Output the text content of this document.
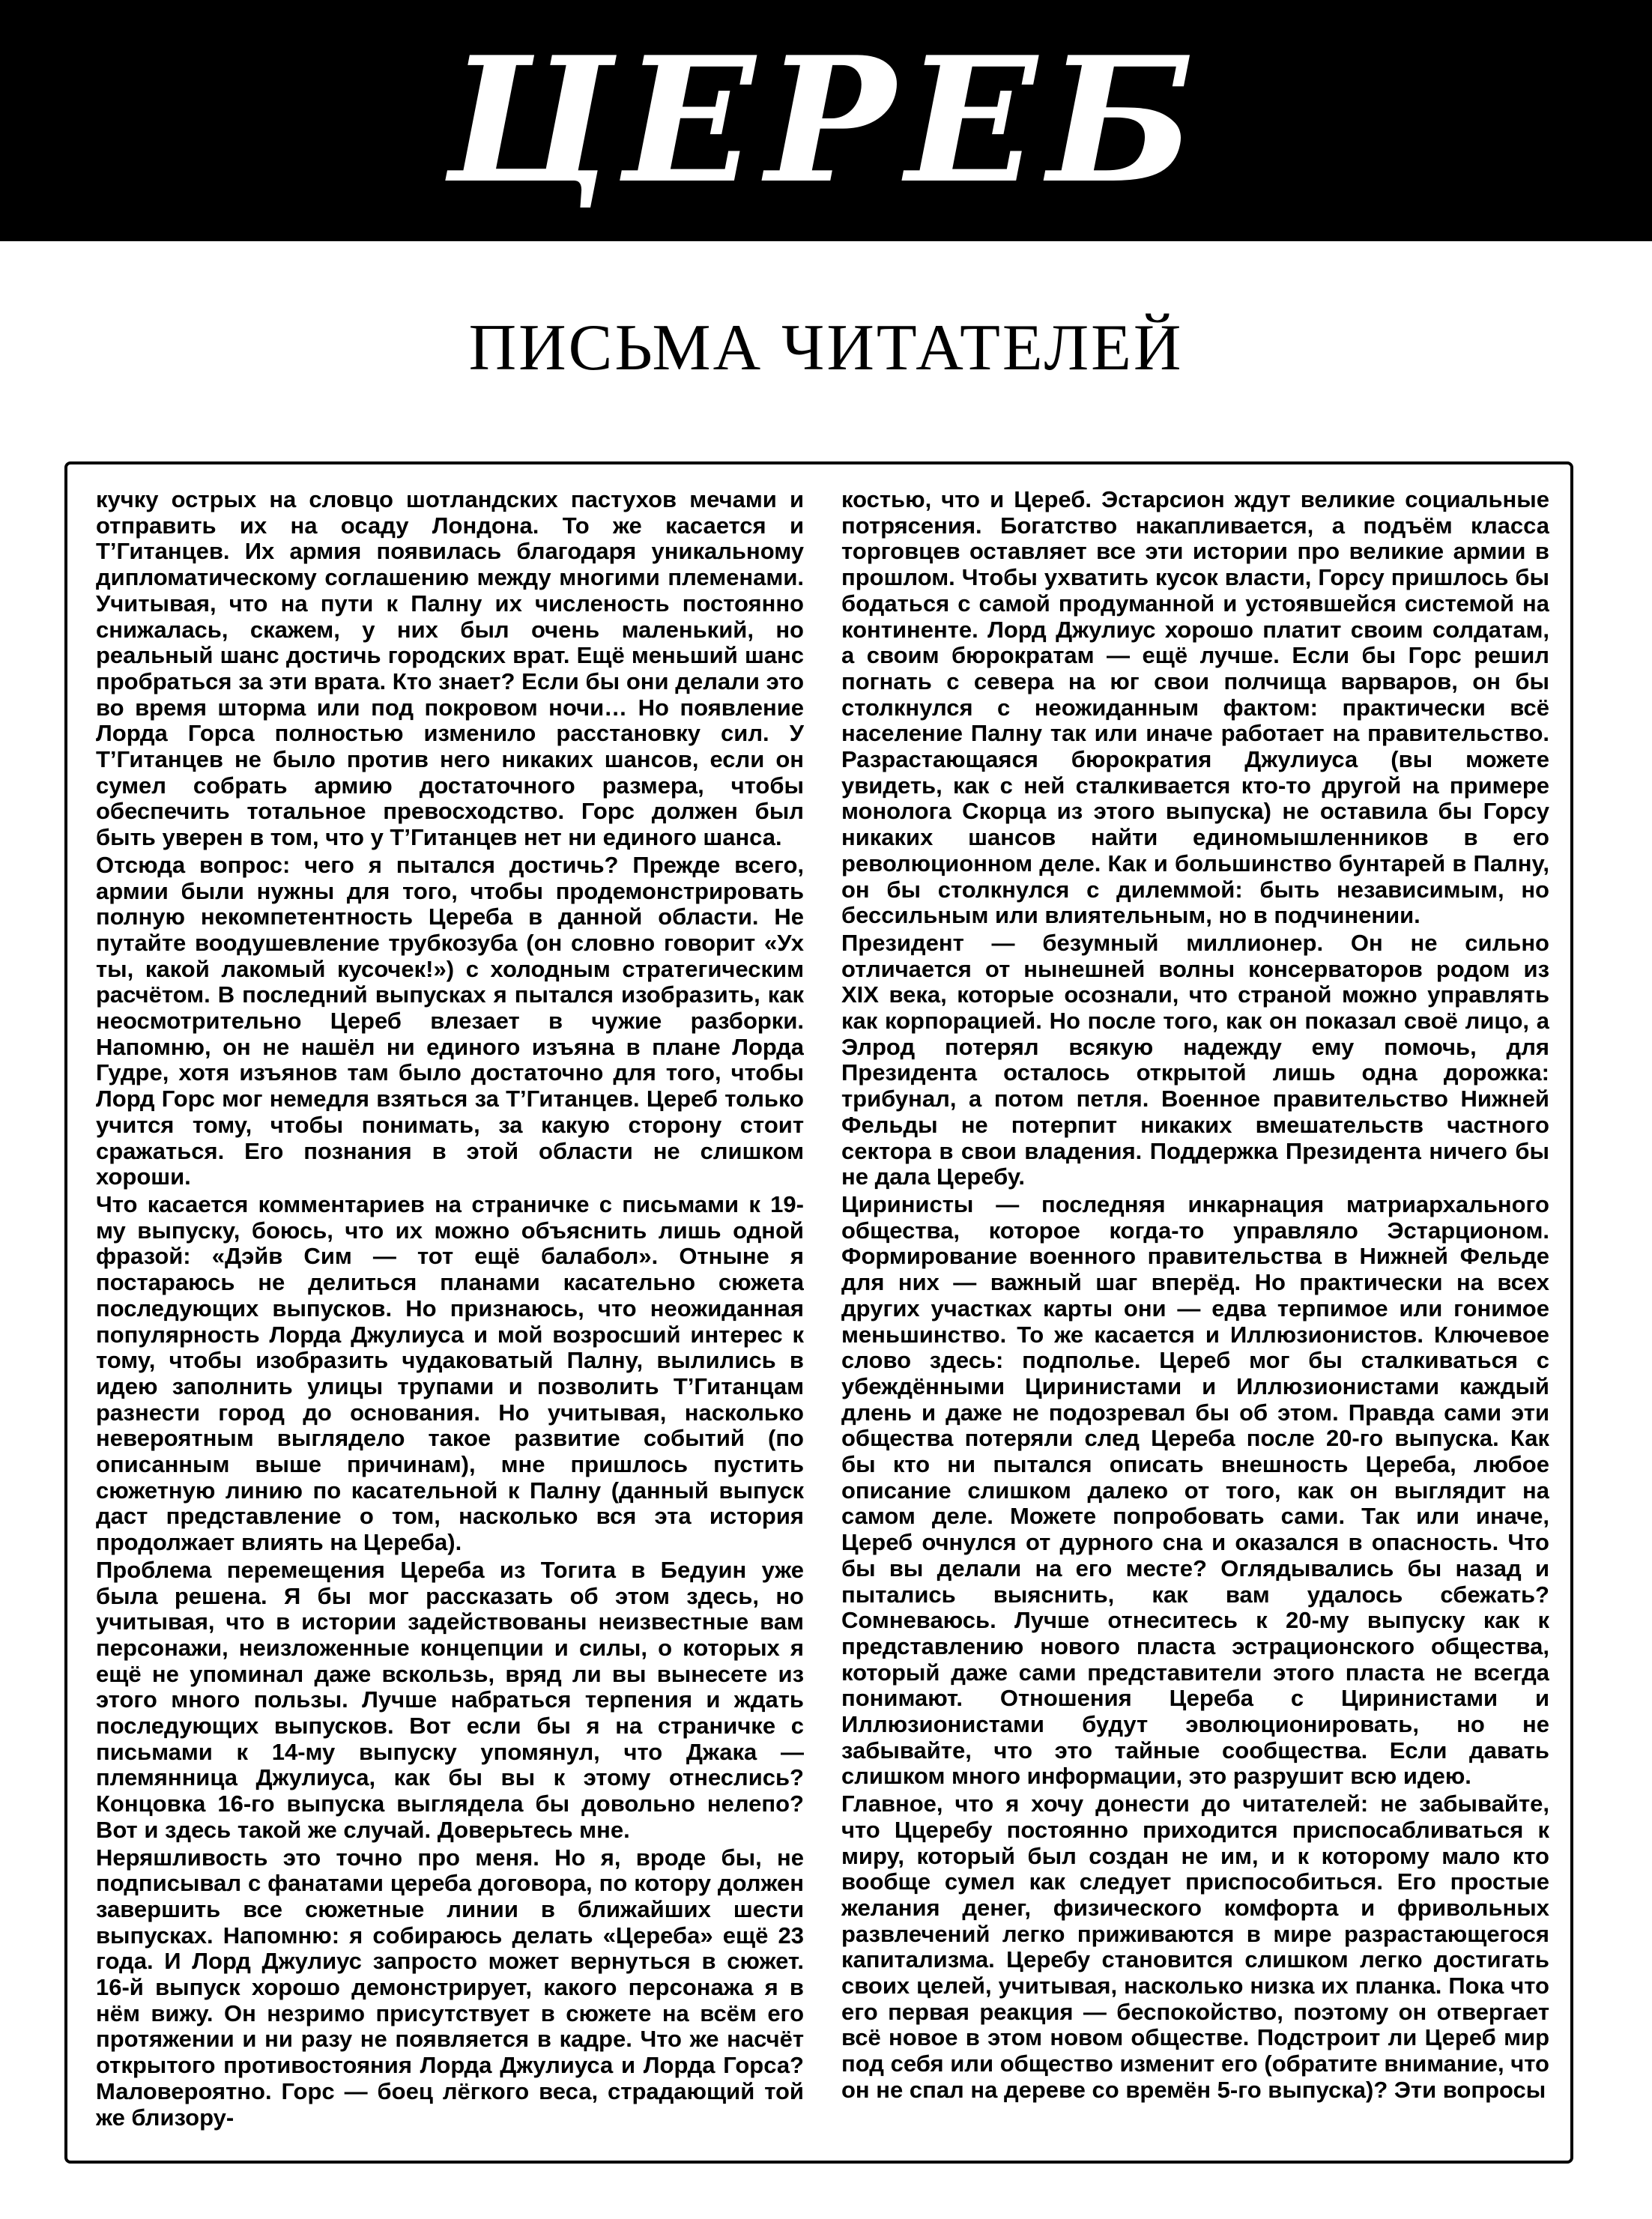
ЦЕРЕБ
ПИСЬМА ЧИТАТЕЛЕЙ

кучку острых на словцо шотландских пастухов мечами и отправить их на осаду Лондона. То же касается и Т’Гитанцев. Их армия появилась благодаря уникальному дипломатическому соглашению между многими племенами. Учитывая, что на пути к Палну их численость постоянно снижалась, скажем, у них был очень маленький, но реальный шанс достичь городских врат. Ещё меньший шанс пробраться за эти врата. Кто знает? Если бы они делали это во время шторма или под покровом ночи… Но появление Лорда Горса полностью изменило расстановку сил. У Т’Гитанцев не было против него никаких шансов, если он сумел собрать армию достаточного размера, чтобы обеспечить тотальное превосходство. Горс должен был быть уверен в том, что у Т’Гитанцев нет ни единого шанса.

Отсюда вопрос: чего я пытался достичь? Прежде всего, армии были нужны для того, чтобы продемонстрировать полную некомпетентность Цереба в данной области. Не путайте воодушевление трубкозуба (он словно говорит «Ух ты, какой лакомый кусочек!») с холодным стратегическим расчётом. В последний выпусках я пытался изобразить, как неосмотрительно Цереб влезает в чужие разборки. Напомню, он не нашёл ни единого изъяна в плане Лорда Гудре, хотя изъянов там было достаточно для того, чтобы Лорд Горс мог немедля взяться за Т’Гитанцев. Цереб только учится тому, чтобы понимать, за какую сторону стоит сражаться. Его познания в этой области не слишком хороши.

Что касается комментариев на страничке с письмами к 19-му выпуску, боюсь, что их можно объяснить лишь одной фразой: «Дэйв Сим — тот ещё балабол». Отныне я постараюсь не делиться планами касательно сюжета последующих выпусков. Но признаюсь, что неожиданная популярность Лорда Джулиуса и мой возросший интерес к тому, чтобы изобразить чудаковатый Палну, вылились в идею заполнить улицы трупами и позволить Т’Гитанцам разнести город до основания. Но учитывая, насколько невероятным выглядело такое развитие событий (по описанным выше причинам), мне пришлось пустить сюжетную линию по касательной к Палну (данный выпуск даст представление о том, насколько вся эта история продолжает влиять на Цереба).

Проблема перемещения Цереба из Тогита в Бедуин уже была решена. Я бы мог рассказать об этом здесь, но учитывая, что в истории задействованы неизвестные вам персонажи, неизложенные концепции и силы, о которых я ещё не упоминал даже вскользь, вряд ли вы вынесете из этого много пользы. Лучше набраться терпения и ждать последующих выпусков. Вот если бы я на страничке с письмами к 14-му выпуску упомянул, что Джака — племянница Джулиуса, как бы вы к этому отнеслись? Концовка 16-го выпуска выглядела бы довольно нелепо? Вот и здесь такой же случай. Доверьтесь мне.

Неряшливость это точно про меня. Но я, вроде бы, не подписывал с фанатами цереба договора, по котору должен завершить все сюжетные линии в ближайших шести выпусках. Напомню: я собираюсь делать «Цереба» ещё 23 года. И Лорд Джулиус запросто может вернуться в сюжет. 16-й выпуск хорошо демонстрирует, какого персонажа я в нём вижу. Он незримо присутствует в сюжете на всём его протяжении и ни разу не появляется в кадре. Что же насчёт открытого противостояния Лорда Джулиуса и Лорда Горса? Маловероятно. Горс — боец лёгкого веса, страдающий той же близору-

костью, что и Цереб. Эстарсион ждут великие социальные потрясения. Богатство накапливается, а подъём класса торговцев оставляет все эти истории про великие армии в прошлом. Чтобы ухватить кусок власти, Горсу пришлось бы бодаться с самой продуманной и устоявшейся системой на континенте. Лорд Джулиус хорошо платит своим солдатам, а своим бюрократам — ещё лучше. Если бы Горс решил погнать с севера на юг свои полчища варваров, он бы столкнулся с неожиданным фактом: практически всё население Палну так или иначе работает на правительство. Разрастающаяся бюрократия Джулиуса (вы можете увидеть, как с ней сталкивается кто-то другой на примере монолога Скорца из этого выпуска) не оставила бы Горсу никаких шансов найти единомышленников в его революционном деле. Как и большинство бунтарей в Палну, он бы столкнулся с дилеммой: быть независимым, но бессильным или влиятельным, но в подчинении.

Президент — безумный миллионер. Он не сильно отличается от нынешней волны консерваторов родом из XIX века, которые осознали, что страной можно управлять как корпорацией. Но после того, как он показал своё лицо, а Элрод потерял всякую надежду ему помочь, для Президента осталось открытой лишь одна дорожка: трибунал, а потом петля. Военное правительство Нижней Фельды не потерпит никаких вмешательств частного сектора в свои владения. Поддержка Президента ничего бы не дала Церебу.

Циринисты — последняя инкарнация матриархального общества, которое когда-то управляло Эстарционом. Формирование военного правительства в Нижней Фельде для них — важный шаг вперёд. Но практически на всех других участках карты они — едва терпимое или гонимое меньшинство. То же касается и Иллюзионистов. Ключевое слово здесь: подполье. Цереб мог бы сталкиваться с убеждёнными Циринистами и Иллюзионистами каждый длень и даже не подозревал бы об этом. Правда сами эти общества потеряли след Цереба после 20-го выпуска. Как бы кто ни пытался описать внешность Цереба, любое описание слишком далеко от того, как он выглядит на самом деле. Можете попробовать сами. Так или иначе, Цереб очнулся от дурного сна и оказался в опасность. Что бы вы делали на его месте? Оглядывались бы назад и пытались выяснить, как вам удалось сбежать? Сомневаюсь. Лучше отнеситесь к 20-му выпуску как к представлению нового пласта эстрационского общества, который даже сами представители этого пласта не всегда понимают. Отношения Цереба с Циринистами и Иллюзионистами будут эволюционировать, но не забывайте, что это тайные сообщества. Если давать слишком много информации, это разрушит всю идею.

Главное, что я хочу донести до читателей: не забывайте, что Ццеребу постоянно приходится приспосабливаться к миру, который был создан не им, и к которому мало кто вообще сумел как следует приспособиться. Его простые желания денег, физического комфорта и фривольных развлечений легко приживаются в мире разрастающегося капитализма. Церебу становится слишком легко достигать своих целей, учитывая, насколько низка их планка. Пока что его первая реакция — беспокойство, поэтому он отвергает всё новое в этом новом обществе. Подстроит ли Цереб мир под себя или общество изменит его (обратите внимание, что он не спал на дереве со времён 5-го выпуска)? Эти вопросы
